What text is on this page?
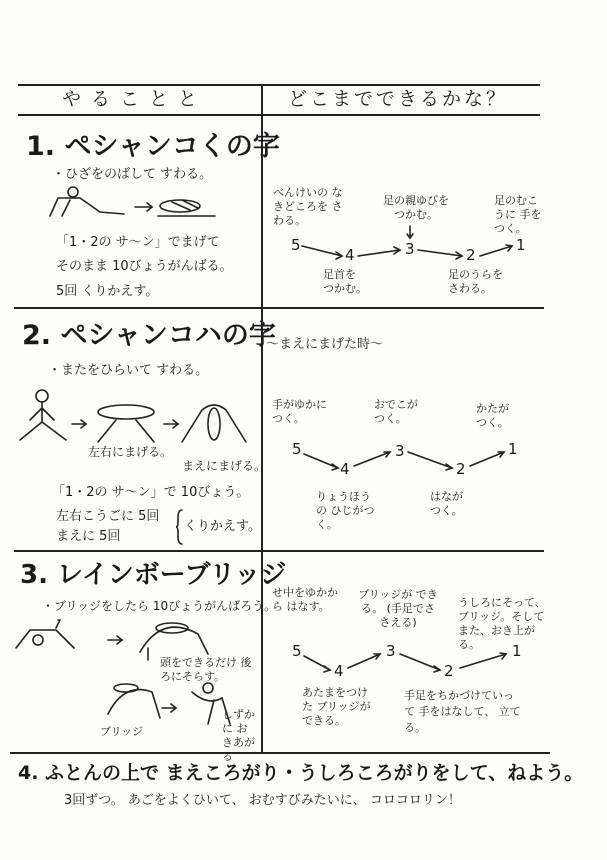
やることと	どこまでできるかな？
1. ペシャンコくの字
・ひざをのばして すわる。
「1・2の サ〜ン」でまげて
そのまま 10びょうがんばる。
5回 くりかえす。
べんけいの なきどころを さわる。
足の親ゆびを つかむ。
足のむこうに 手をつく。
5
4	3	2
1
足首を つかむ。
足のうらを さわる。
2. ペシャンコハの字
・またをひらいて すわる。
左右にまげる。
まえにまげる。
「1・2の サ〜ン」で 10びょう。
左右こうごに 5回
まえに 5回
くりかえす。
〜まえにまげた時〜
手がゆかに つく。
おでこが つく。
かたが つく。
5
4
3
2
1
りょうほうの ひじがつく。
はなが つく。
3. レインボーブリッジ
・ブリッジをしたら 10びょうがんばろう。
頭をできるだけ 後ろにそらす。
ブリッジ
しずかに おきあがる
せ中をゆかから はなす。
ブリッジが できる。 (手足でささえる)
うしろにそって、 ブリッジ。そして また、おき上がる。
5
4
3
2
1
あたまをつけた ブリッジが できる。
手足をちかづけていって 手をはなして、 立てる。
4. ふとんの上で まえころがり・うしろころがりをして、ねよう。
3回ずつ。 あごをよくひいて、 おむすびみたいに、 コロコロリン！
